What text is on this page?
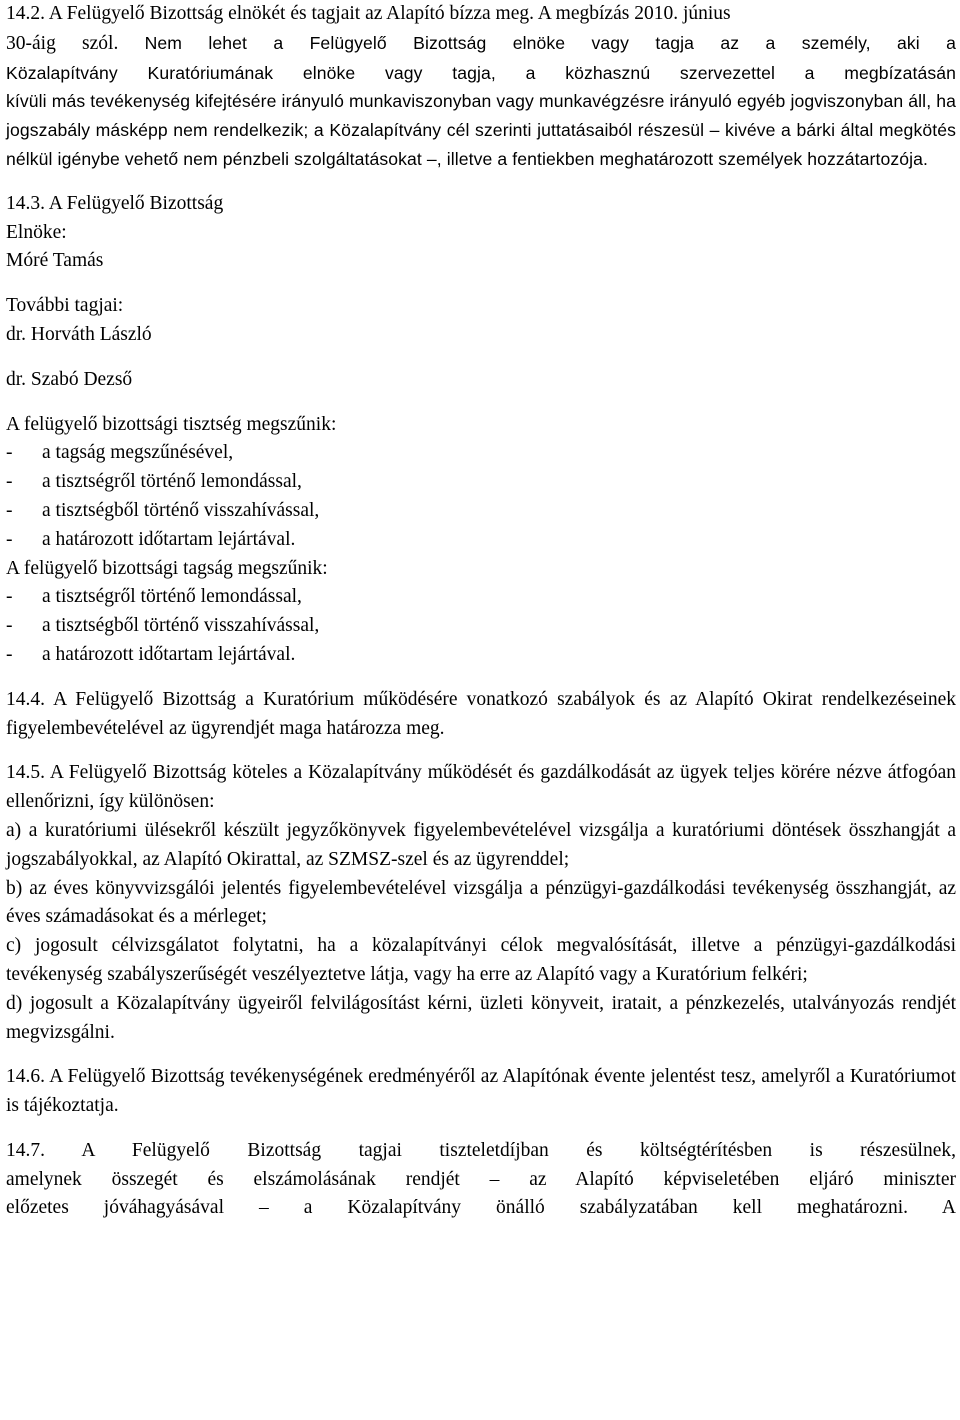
14.2. A Felügyelő Bizottság elnökét és tagjait az Alapító bízza meg. A megbízás 2010. június
30-áig szól. Nem lehet a Felügyelő Bizottság elnöke vagy tagja az a személy, aki a
Közalapítvány Kuratóriumának elnöke vagy tagja, a közhasznú szervezettel a megbízatásán

kívüli más tevékenység kifejtésére irányuló munkaviszonyban vagy munkavégzésre irányuló egyéb jogviszonyban áll, ha jogszabály másképp nem rendelkezik; a Közalapítvány cél szerinti juttatásaiból részesül – kivéve a bárki által megkötés nélkül igénybe vehető nem pénzbeli szolgáltatásokat –, illetve a fentiekben meghatározott személyek hozzátartozója.

14.3. A Felügyelő Bizottság
Elnöke:
Móré Tamás
További tagjai:
dr. Horváth László
dr. Szabó Dezső
A felügyelő bizottsági tisztség megszűnik:
- a tagság megszűnésével,
- a tisztségről történő lemondással,
- a tisztségből történő visszahívással,
- a határozott időtartam lejártával.
A felügyelő bizottsági tagság megszűnik:
- a tisztségről történő lemondással,
- a tisztségből történő visszahívással,
- a határozott időtartam lejártával.

14.4. A Felügyelő Bizottság a Kuratórium működésére vonatkozó szabályok és az Alapító Okirat rendelkezéseinek figyelembevételével az ügyrendjét maga határozza meg.

14.5. A Felügyelő Bizottság köteles a Közalapítvány működését és gazdálkodását az ügyek teljes körére nézve átfogóan ellenőrizni, így különösen:

a) a kuratóriumi ülésekről készült jegyzőkönyvek figyelembevételével vizsgálja a kuratóriumi döntések összhangját a jogszabályokkal, az Alapító Okirattal, az SZMSZ-szel és az ügyrenddel;

b) az éves könyvvizsgálói jelentés figyelembevételével vizsgálja a pénzügyi-gazdálkodási tevékenység összhangját, az éves számadásokat és a mérleget;

c) jogosult célvizsgálatot folytatni, ha a közalapítványi célok megvalósítását, illetve a pénzügyi-gazdálkodási tevékenység szabályszerűségét veszélyeztetve látja, vagy ha erre az Alapító vagy a Kuratórium felkéri;

d) jogosult a Közalapítvány ügyeiről felvilágosítást kérni, üzleti könyveit, iratait, a pénzkezelés, utalványozás rendjét megvizsgálni.

14.6. A Felügyelő Bizottság tevékenységének eredményéről az Alapítónak évente jelentést tesz, amelyről a Kuratóriumot is tájékoztatja.

14.7. A Felügyelő Bizottság tagjai tiszteletdíjban és költségtérítésben is részesülnek,
amelynek összegét és elszámolásának rendjét – az Alapító képviseletében eljáró miniszter
előzetes jóváhagyásával – a Közalapítvány önálló szabályzatában kell meghatározni. A
